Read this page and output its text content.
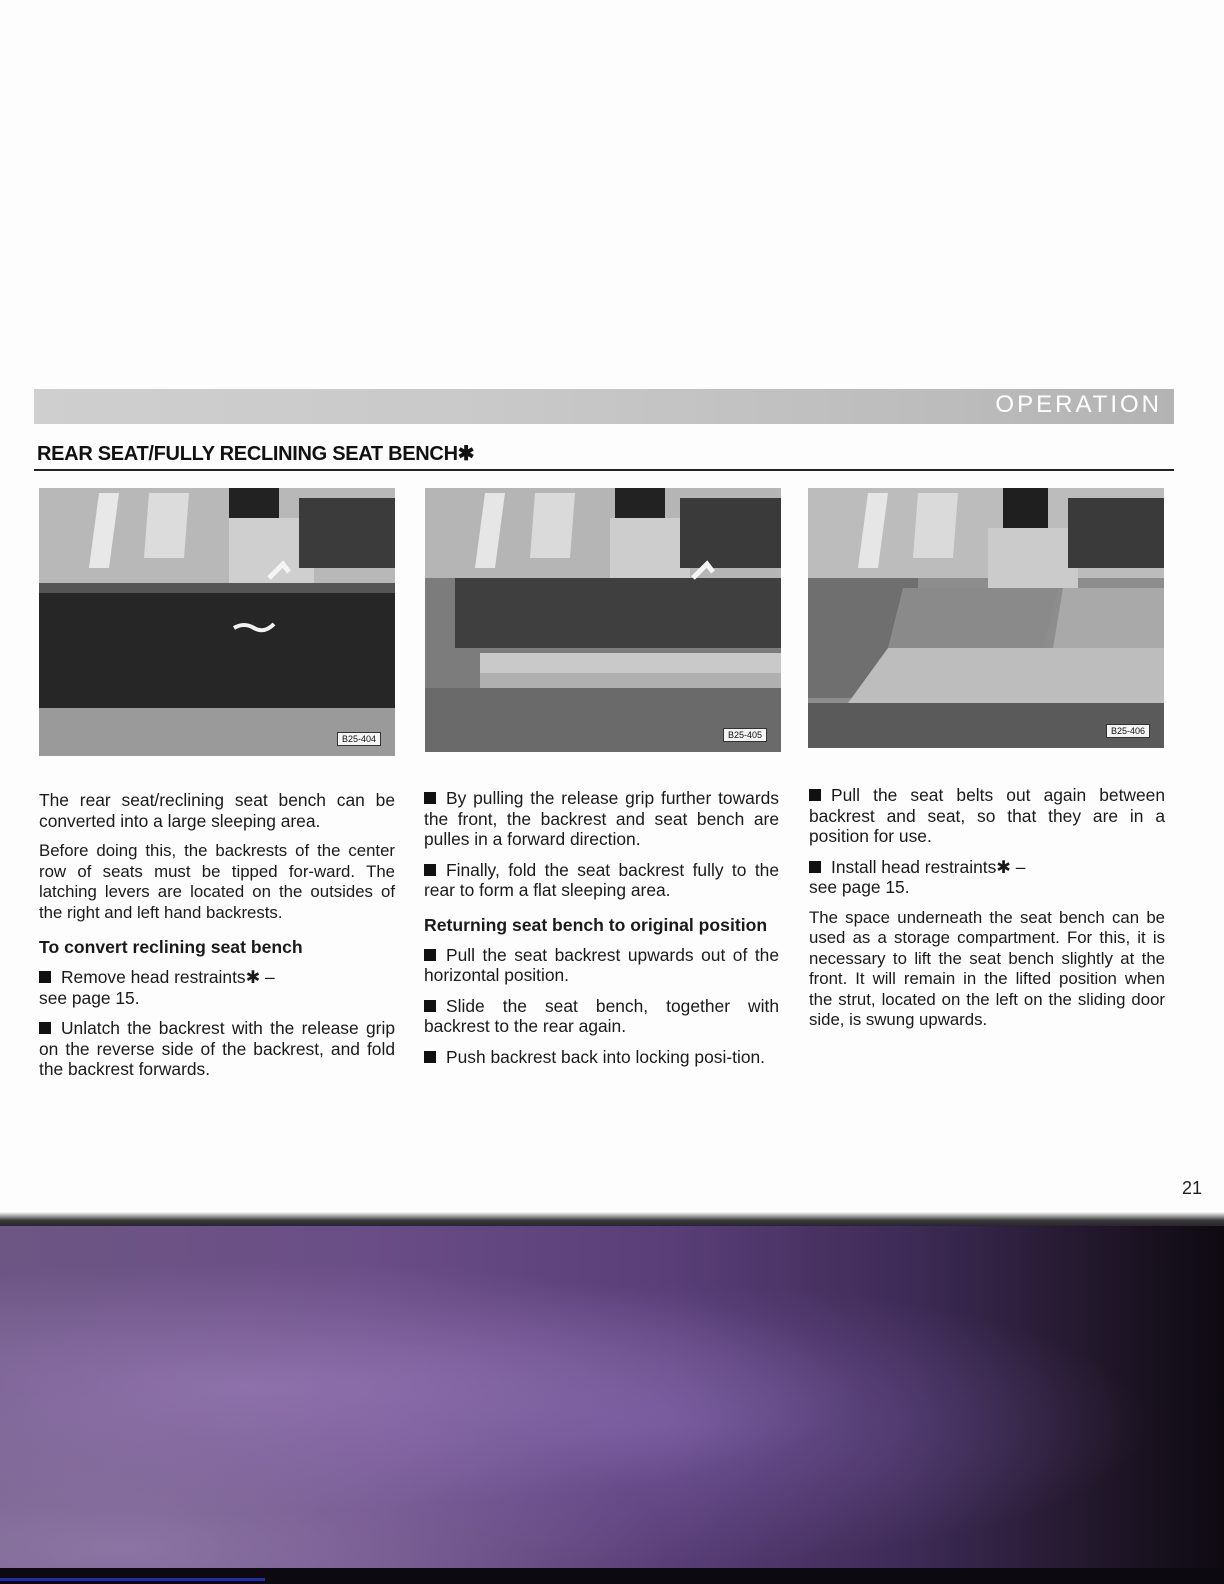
OPERATION
REAR SEAT/FULLY RECLINING SEAT BENCH✱
B25-404	B25-405	B25-406

The rear seat/reclining seat bench can be converted into a large sleeping area.

Before doing this, the backrests of the center row of seats must be tipped for-ward. The latching levers are located on the outsides of the right and left hand backrests.

To convert reclining seat bench

Remove head restraints✱ –
see page 15.

Unlatch the backrest with the release grip on the reverse side of the backrest, and fold the backrest forwards.

By pulling the release grip further towards the front, the backrest and seat bench are pulles in a forward direction.

Finally, fold the seat backrest fully to the rear to form a flat sleeping area.

Returning seat bench to original position

Pull the seat backrest upwards out of the horizontal position.

Slide the seat bench, together with backrest to the rear again.

Push backrest back into locking posi-tion.

Pull the seat belts out again between backrest and seat, so that they are in a position for use.

Install head restraints✱ –
see page 15.

The space underneath the seat bench can be used as a storage compartment. For this, it is necessary to lift the seat bench slightly at the front. It will remain in the lifted position when the strut, located on the left on the sliding door side, is swung upwards.

21
